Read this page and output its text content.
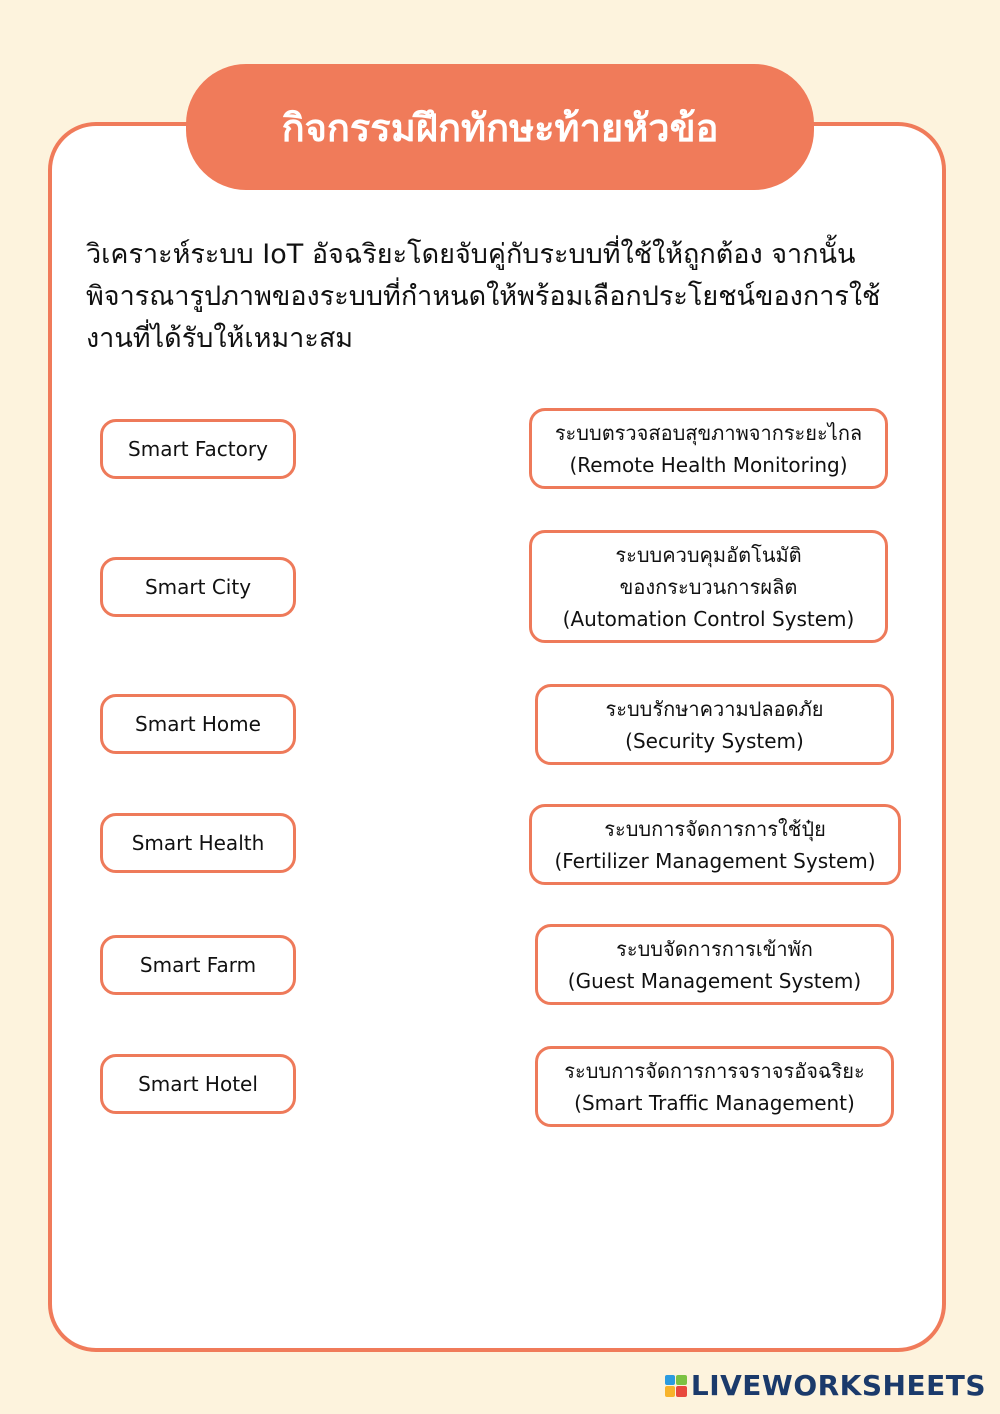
กิจกรรมฝึกทักษะท้ายหัวข้อ
วิเคราะห์ระบบ IoT อัจฉริยะโดยจับคู่กับระบบที่ใช้ให้ถูกต้อง จากนั้นพิจารณารูปภาพของระบบที่กำหนดให้พร้อมเลือกประโยชน์ของการใช้งานที่ได้รับให้เหมาะสม
Smart Factory
Smart City
Smart Home
Smart Health
Smart Farm
Smart Hotel
ระบบตรวจสอบสุขภาพจากระยะไกล
(Remote Health Monitoring)
ระบบควบคุมอัตโนมัติ
ของกระบวนการผลิต
(Automation Control System)
ระบบรักษาความปลอดภัย
(Security System)
ระบบการจัดการการใช้ปุ๋ย
(Fertilizer Management System)
ระบบจัดการการเข้าพัก
(Guest Management System)
ระบบการจัดการการจราจรอัจฉริยะ
(Smart Traffic Management)
LIVEWORKSHEETS
